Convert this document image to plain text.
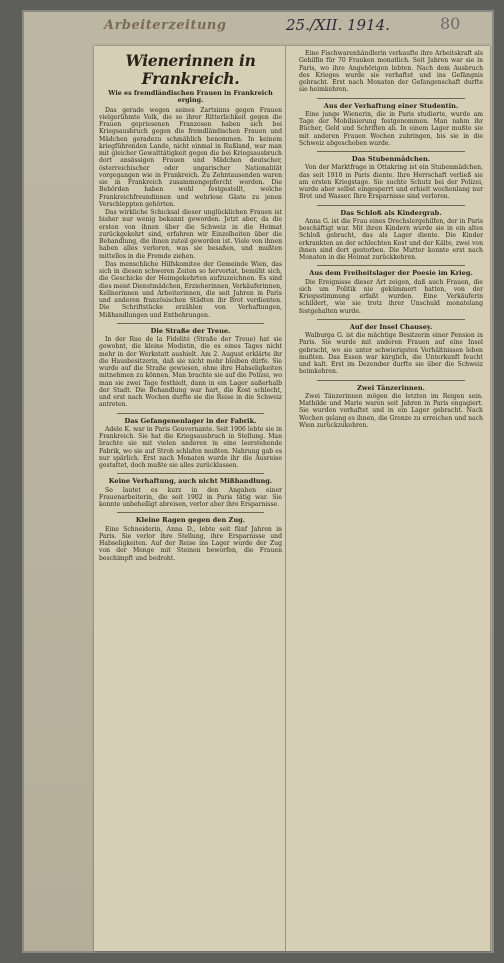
Arbeiterzeitung	25./XII. 1914.	80
Wienerinnen in Frankreich.
Wie es fremdländischen Frauen in Frankreich erging.

Das gerade wegen seines Zartsinns gegen Frauen vielgerühmte Volk, die so ihrer Ritterlichkeit gegen die Frauen gepriesenen Franzosen haben sich bei Kriegsausbruch gegen die fremdländischen Frauen und Mädchen geradezu schmählich benommen. In keinem kriegführenden Lande, nicht einmal in Rußland, war man mit gleicher Gewalttätigkeit gegen die bei Kriegsausbruch dort ansässigen Frauen und Mädchen deutscher, österreichischer oder ungarischer Nationalität vorgegangen wie in Frankreich. Zu Zehntausenden waren sie in Frankreich zusammengepfercht worden. Die Behörden haben wohl festgestellt, welche Frankreichfreundinnen und wehrlose Gäste zu jenen Verschleppten gehörten.

Das wirkliche Schicksal dieser unglücklichen Frauen ist bisher nur wenig bekannt geworden. Jetzt aber, da die ersten von ihnen über die Schweiz in die Heimat zurückgekehrt sind, erfahren wir Einzelheiten über die Behandlung, die ihnen zuteil geworden ist. Viele von ihnen haben alles verloren, was sie besaßen, und mußten mittellos in die Fremde ziehen.

Das menschliche Hilfskomitee der Gemeinde Wien, das sich in diesen schweren Zeiten so hervortat, bemüht sich, die Geschicke der Heimgekehrten aufzuzeichnen. Es sind dies meist Dienstmädchen, Erzieherinnen, Verkäuferinnen, Kellnerinnen und Arbeiterinnen, die seit Jahren in Paris und anderen französischen Städten ihr Brot verdienten. Die Schriftstücke erzählen von Verhaftungen, Mißhandlungen und Entbehrungen.

Die Straße der Treue.

In der Rue de la Fidelité (Straße der Treue) hat sie gewohnt, die kleine Modistin, die es eines Tages nicht mehr in der Werkstatt aushielt. Am 2. August erklärte ihr die Hausbesitzerin, daß sie nicht mehr bleiben dürfe. Sie wurde auf die Straße gewiesen, ohne ihre Habseligkeiten mitnehmen zu können. Man brachte sie auf die Polizei, wo man sie zwei Tage festhielt, dann in ein Lager außerhalb der Stadt. Die Behandlung war hart, die Kost schlecht, und erst nach Wochen durfte sie die Reise in die Schweiz antreten.

Das Gefangenenlager in der Fabrik.

Adele K. war in Paris Gouvernante. Seit 1906 lebte sie in Frankreich. Sie hat die Kriegsausbruch in Stellung. Man brachte sie mit vielen anderen in eine leerstehende Fabrik, wo sie auf Stroh schlafen mußten. Nahrung gab es nur spärlich. Erst nach Monaten wurde ihr die Ausreise gestattet, doch mußte sie alles zurücklassen.

Keine Verhaftung, auch nicht Mißhandlung.

So lautet es kurz in den Angaben einer Frauenarbeiterin, die seit 1902 in Paris tätig war. Sie konnte unbehelligt abreisen, verlor aber ihre Ersparnisse.

Kleine Ragen gegen den Zug.

Eine Schneiderin, Anna D., lebte seit fünf Jahren in Paris. Sie verlor ihre Stellung, ihre Ersparnisse und Habseligkeiten. Auf der Reise ins Lager wurde der Zug von der Menge mit Steinen beworfen, die Frauen beschimpft und bedroht.

Eine Fischwarenhändlerin verkaufte ihre Arbeitskraft als Gehilfin für 70 Franken monatlich. Seit Jahren war sie in Paris, wo ihre Angehörigen lebten. Nach dem Ausbruch des Krieges wurde sie verhaftet und ins Gefängnis gebracht. Erst nach Monaten der Gefangenschaft durfte sie heimkehren.

Aus der Verhaftung einer Studentin.

Eine junge Wienerin, die in Paris studierte, wurde am Tage der Mobilisierung festgenommen. Man nahm ihr Bücher, Geld und Schriften ab. In einem Lager mußte sie mit anderen Frauen Wochen zubringen, bis sie in die Schweiz abgeschoben wurde.

Das Stubenmädchen.

Von der Marktfrage in Ottakring ist ein Stubenmädchen, das seit 1910 in Paris diente. Ihre Herrschaft verließ sie am ersten Kriegstage. Sie suchte Schutz bei der Polizei, wurde aber selbst eingesperrt und erhielt wochenlang nur Brot und Wasser. Ihre Ersparnisse sind verloren.

Das Schloß als Kindergrab.

Anna G. ist die Frau eines Drechslergehilfen, der in Paris beschäftigt war. Mit ihren Kindern wurde sie in ein altes Schloß gebracht, das als Lager diente. Die Kinder erkrankten an der schlechten Kost und der Kälte, zwei von ihnen sind dort gestorben. Die Mutter konnte erst nach Monaten in die Heimat zurückkehren.

Aus dem Freiheitslager der Poesie im Krieg.

Die Ereignisse dieser Art zeigen, daß auch Frauen, die sich um Politik nie gekümmert hatten, von der Kriegsstimmung erfaßt wurden. Eine Verkäuferin schildert, wie sie trotz ihrer Unschuld monatelang festgehalten wurde.

Auf der Insel Chausey.

Walburga G. ist die mächtige Besitzerin einer Pension in Paris. Sie wurde mit anderen Frauen auf eine Insel gebracht, wo sie unter schwierigsten Verhältnissen leben mußten. Das Essen war kärglich, die Unterkunft feucht und kalt. Erst im Dezember durfte sie über die Schweiz heimkehren.

Zwei Tänzerinnen.

Zwei Tänzerinnen mögen die letzten im Reigen sein. Mathilde und Marie waren seit Jahren in Paris engagiert. Sie wurden verhaftet und in ein Lager gebracht. Nach Wochen gelang es ihnen, die Grenze zu erreichen und nach Wien zurückzukehren.
